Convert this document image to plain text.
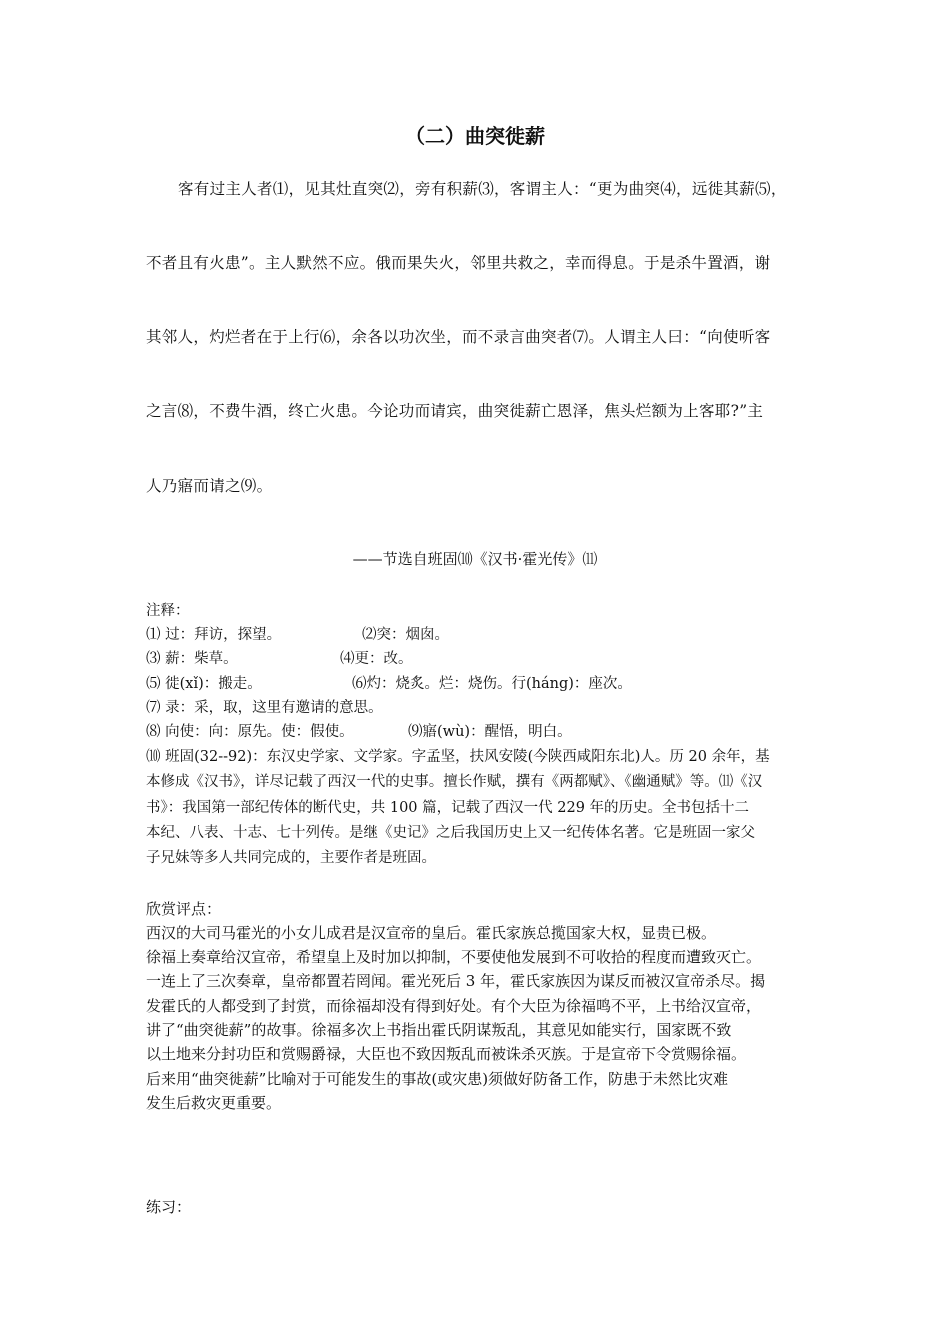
（二）曲突徙薪
客有过主人者⑴，见其灶直突⑵，旁有积薪⑶，客谓主人：“更为曲突⑷，远徙其薪⑸，
不者且有火患”。主人默然不应。俄而果失火，邻里共救之，幸而得息。于是杀牛置酒，谢
其邻人，灼烂者在于上行⑹，余各以功次坐，而不录言曲突者⑺。人谓主人曰：“向使听客
之言⑻，不费牛酒，终亡火患。今论功而请宾，曲突徙薪亡恩泽，焦头烂额为上客耶?”主
人乃寤而请之⑼。
——节选自班固⑽《汉书·霍光传》⑾
注释：
⑴ 过：拜访，探望。	⑵突：烟囱。
⑶ 薪：柴草。	⑷更：改。
⑸ 徙(xǐ)：搬走。	⑹灼：烧炙。烂：烧伤。行(háng)：座次。
⑺ 录：采，取，这里有邀请的意思。
⑻ 向使：向：原先。使：假使。	⑼寤(wù)：醒悟，明白。
⑽ 班固(32--92)：东汉史学家、文学家。字孟坚，扶风安陵(今陕西咸阳东北)人。历 20 余年，基
本修成《汉书》，详尽记载了西汉一代的史事。擅长作赋，撰有《两都赋》、《幽通赋》等。⑾《汉
书》：我国第一部纪传体的断代史，共 100 篇，记载了西汉一代 229 年的历史。全书包括十二
本纪、八表、十志、七十列传。是继《史记》之后我国历史上又一纪传体名著。它是班固一家父
子兄妹等多人共同完成的，主要作者是班固。
欣赏评点：
西汉的大司马霍光的小女儿成君是汉宣帝的皇后。霍氏家族总揽国家大权，显贵已极。
徐福上奏章给汉宣帝，希望皇上及时加以抑制，不要使他发展到不可收拾的程度而遭致灭亡。
一连上了三次奏章，皇帝都置若罔闻。霍光死后 3 年，霍氏家族因为谋反而被汉宣帝杀尽。揭
发霍氏的人都受到了封赏，而徐福却没有得到好处。有个大臣为徐福鸣不平，上书给汉宣帝，
讲了“曲突徙薪”的故事。徐福多次上书指出霍氏阴谋叛乱，其意见如能实行，国家既不致
以土地来分封功臣和赏赐爵禄，大臣也不致因叛乱而被诛杀灭族。于是宣帝下令赏赐徐福。
后来用“曲突徙薪”比喻对于可能发生的事故(或灾患)须做好防备工作，防患于未然比灾难
发生后救灾更重要。
练习：
